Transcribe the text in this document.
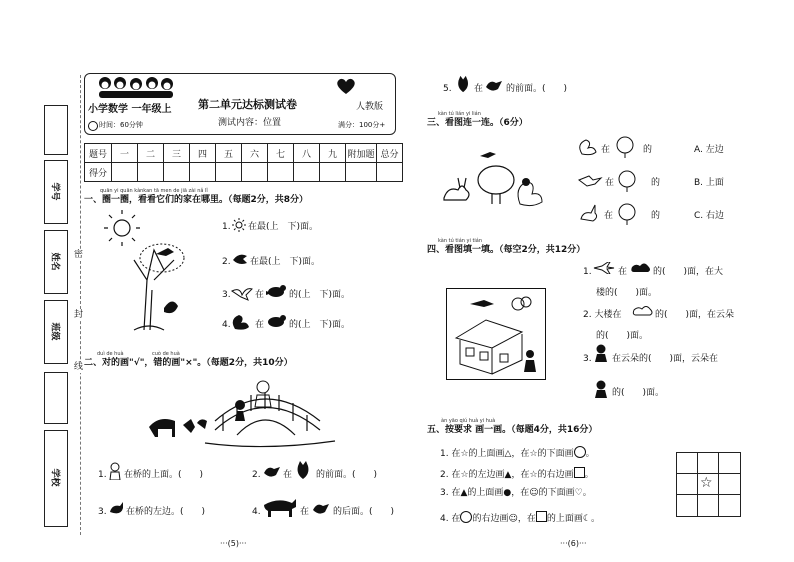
学号
姓名
班级
学校
密
封
线
小学数学 一年级上 第二单元达标测试卷	人教版
时间：60分钟	测试内容：位置	满分：100分+
题号	一	二	三	四	五	六	七	八	九	附加题	总分
得分											
quān yi quān kànkan tā men de jiā zài nǎ lǐ
一、圈一圈，看看它们的家在哪里。（每题2分，共8分）
1. 在最(上　下)面。
2. 在最(上　下)面。
3.	在	的(上　下)面。
4.	在	的(上　下)面。
duì de huà	cuò de huà
二、对的画"√"，错的画"×"。（每题2分，共10分）
1. 在桥的上面。(　　)	2. 在	的前面。(　　)
3. 在桥的左边。(　　)	4.	在	的后面。(　　)
···(5)···
5. 在	的前面。(　　)
kàn tú lián yi lián
三、看图连一连。（6分）
在	的	A. 左边
在	的	B. 上面
在	的	C. 右边
kàn tú tián yi tián
四、看图填一填。（每空2分，共12分）
1.	在	的(　　)面，在大
楼的(　　)面。
2. 大楼在	的(　　)面，在云朵
的(　　)面。
3. 在云朵的(　　)面，云朵在
的(　　)面。
àn yāo qiú huà yi huà
五、按要求 画一画。（每题4分，共16分）
1. 在☆的上面画△，在☆的下面画 。
2. 在☆的左边画▲，在☆的右边画 。
3. 在▲的上面画●，在☺的下面画♡。
4. 在 的右边画☺，在 的上面画☾。
☆
···(6)···
